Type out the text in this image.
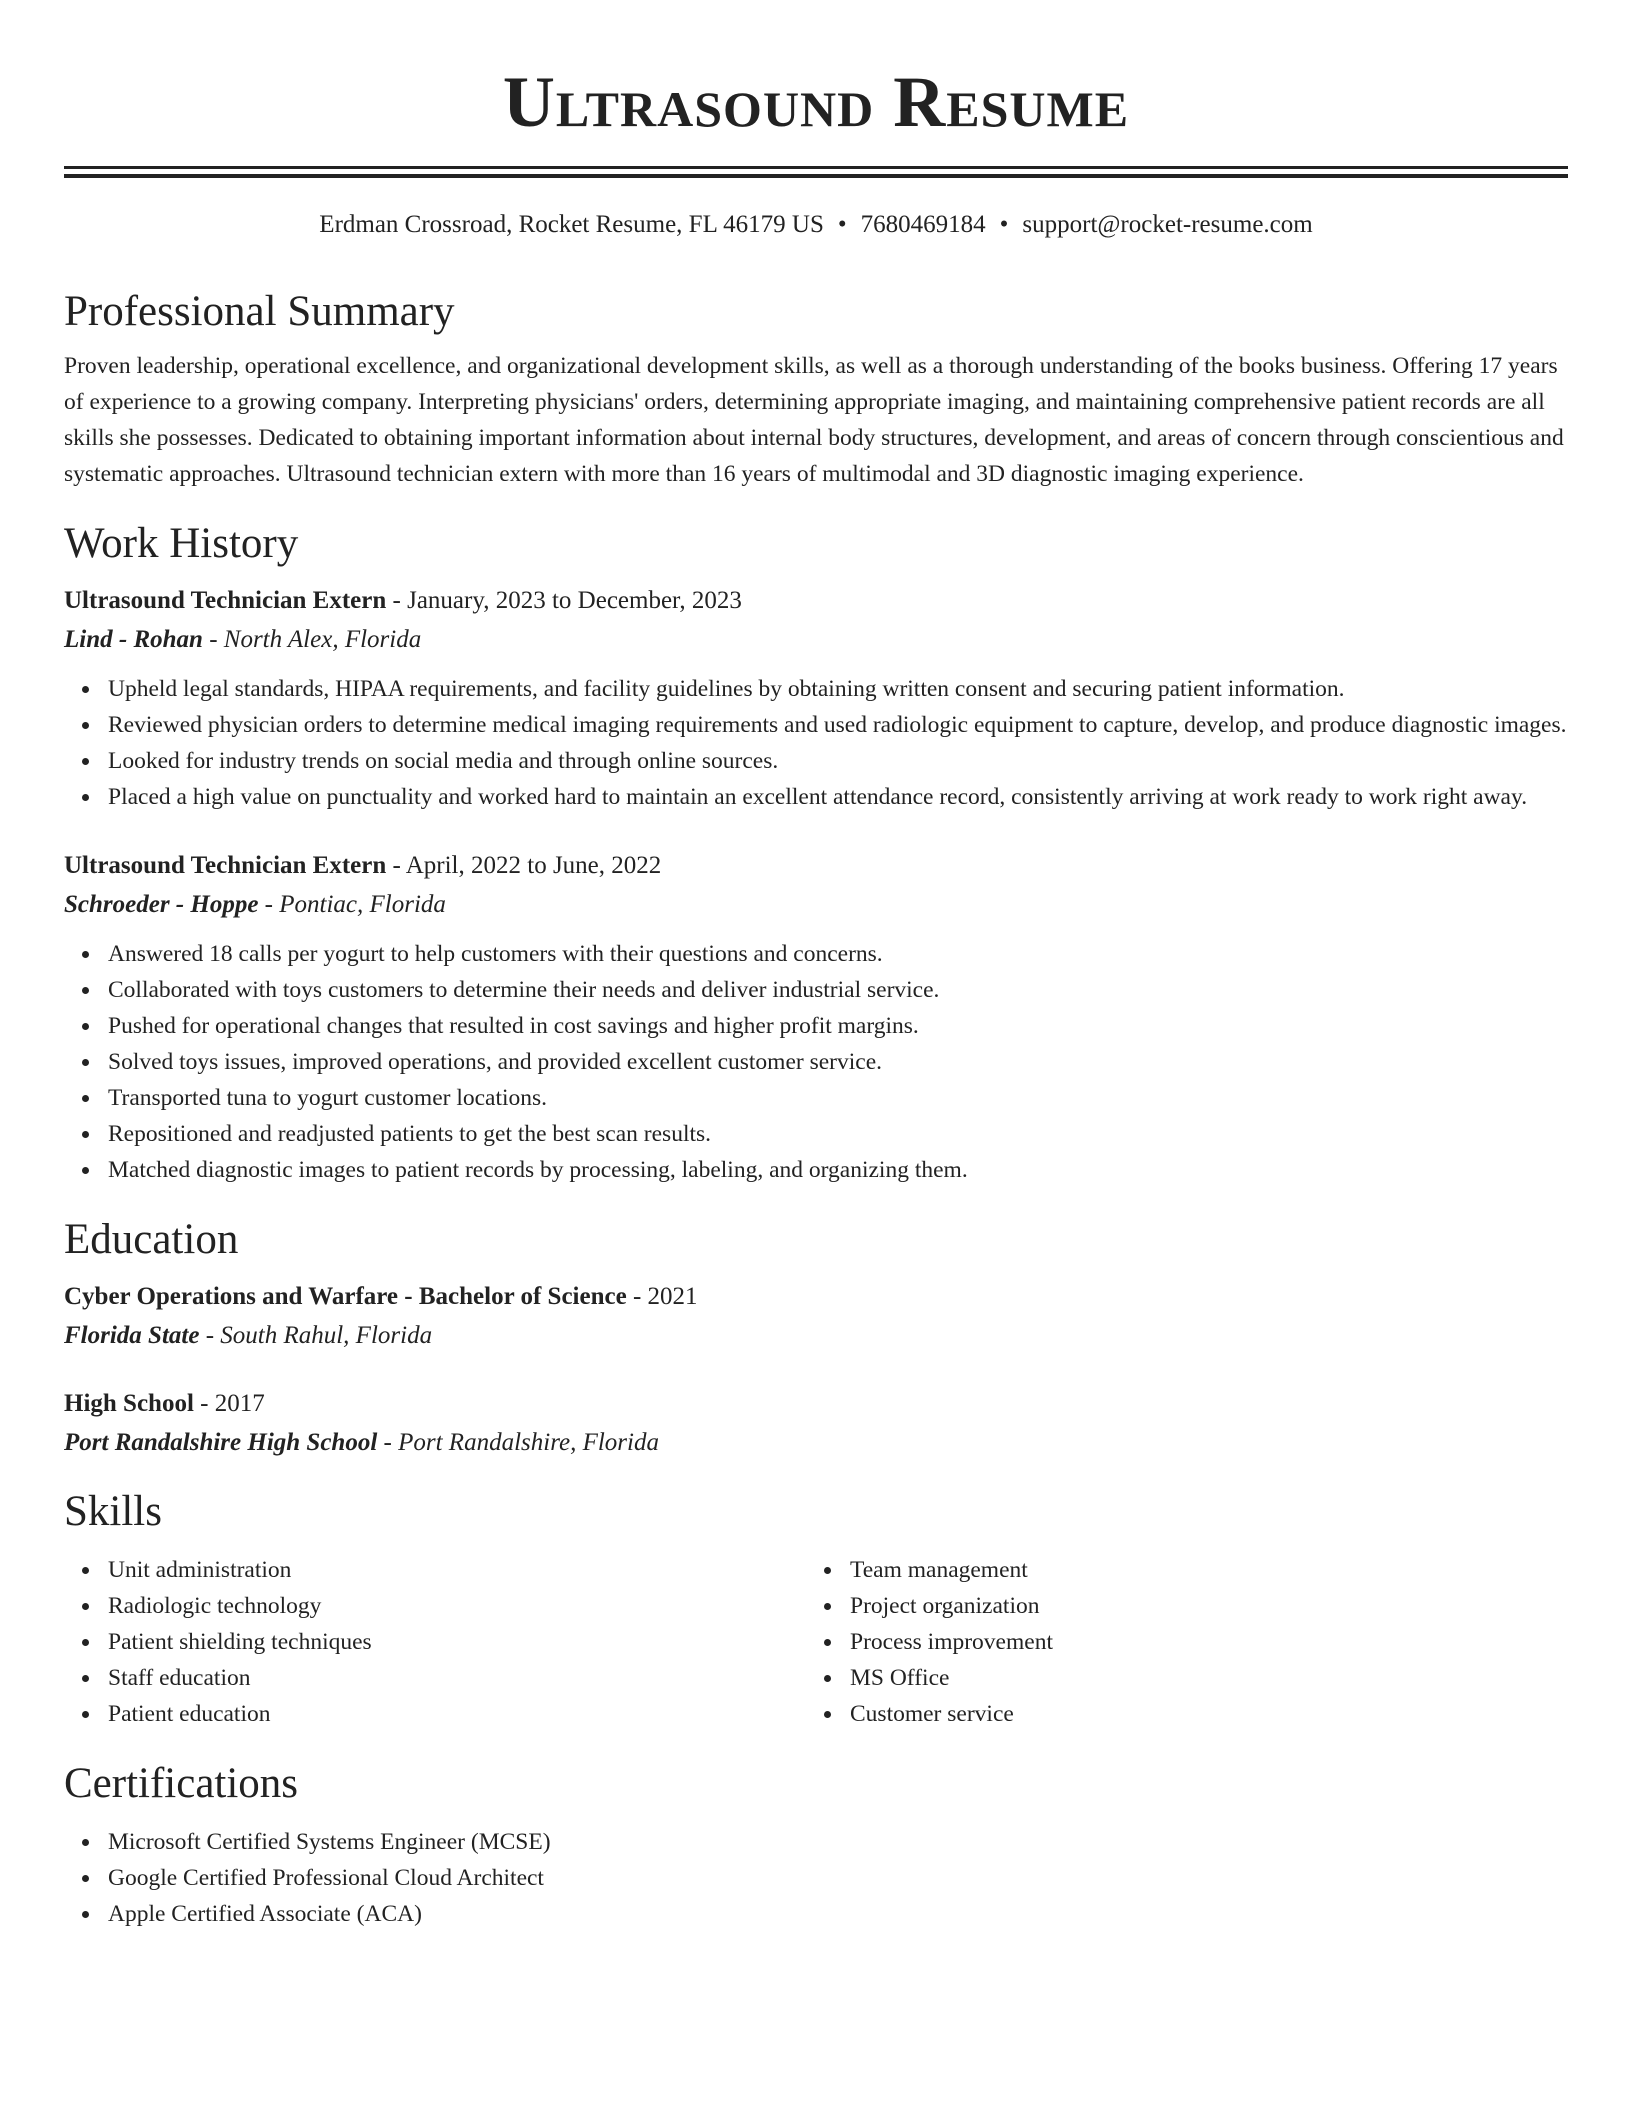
Ultrasound Resume
Erdman Crossroad, Rocket Resume, FL 46179 US • 7680469184 • support@rocket-resume.com
Professional Summary
Proven leadership, operational excellence, and organizational development skills, as well as a thorough understanding of the books business. Offering 17 years of experience to a growing company. Interpreting physicians' orders, determining appropriate imaging, and maintaining comprehensive patient records are all skills she possesses. Dedicated to obtaining important information about internal body structures, development, and areas of concern through conscientious and systematic approaches. Ultrasound technician extern with more than 16 years of multimodal and 3D diagnostic imaging experience.
Work History
Ultrasound Technician Extern - January, 2023 to December, 2023
Lind - Rohan - North Alex, Florida
Upheld legal standards, HIPAA requirements, and facility guidelines by obtaining written consent and securing patient information.
Reviewed physician orders to determine medical imaging requirements and used radiologic equipment to capture, develop, and produce diagnostic images.
Looked for industry trends on social media and through online sources.
Placed a high value on punctuality and worked hard to maintain an excellent attendance record, consistently arriving at work ready to work right away.
Ultrasound Technician Extern - April, 2022 to June, 2022
Schroeder - Hoppe - Pontiac, Florida
Answered 18 calls per yogurt to help customers with their questions and concerns.
Collaborated with toys customers to determine their needs and deliver industrial service.
Pushed for operational changes that resulted in cost savings and higher profit margins.
Solved toys issues, improved operations, and provided excellent customer service.
Transported tuna to yogurt customer locations.
Repositioned and readjusted patients to get the best scan results.
Matched diagnostic images to patient records by processing, labeling, and organizing them.
Education
Cyber Operations and Warfare - Bachelor of Science - 2021
Florida State - South Rahul, Florida
High School - 2017
Port Randalshire High School - Port Randalshire, Florida
Skills
Unit administration
Radiologic technology
Patient shielding techniques
Staff education
Patient education
Team management
Project organization
Process improvement
MS Office
Customer service
Certifications
Microsoft Certified Systems Engineer (MCSE)
Google Certified Professional Cloud Architect
Apple Certified Associate (ACA)
